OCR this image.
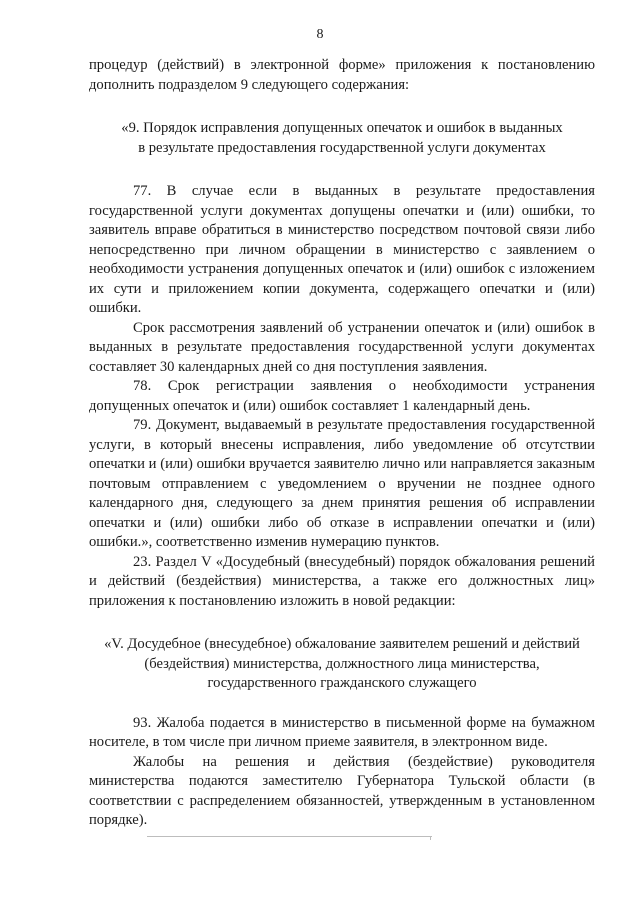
8

процедур (действий) в электронной форме» приложения к постановлению дополнить подразделом 9 следующего содержания:

«9. Порядок исправления допущенных опечаток и ошибок в выданных
в результате предоставления государственной услуги документах

77. В случае если в выданных в результате предоставления государственной услуги документах допущены опечатки и (или) ошибки, то заявитель вправе обратиться в министерство посредством почтовой связи либо непосредственно при личном обращении в министерство с заявлением о необходимости устранения допущенных опечаток и (или) ошибок с изложением их сути и приложением копии документа, содержащего опечатки и (или) ошибки.

Срок рассмотрения заявлений об устранении опечаток и (или) ошибок в выданных в результате предоставления государственной услуги документах составляет 30 календарных дней со дня поступления заявления.

78. Срок регистрации заявления о необходимости устранения допущенных опечаток и (или) ошибок составляет 1 календарный день.

79. Документ, выдаваемый в результате предоставления государственной услуги, в который внесены исправления, либо уведомление об отсутствии опечатки и (или) ошибки вручается заявителю лично или направляется заказным почтовым отправлением с уведомлением о вручении не позднее одного календарного дня, следующего за днем принятия решения об исправлении опечатки и (или) ошибки либо об отказе в исправлении опечатки и (или) ошибки.», соответственно изменив нумерацию пунктов.

23. Раздел V «Досудебный (внесудебный) порядок обжалования решений и действий (бездействия) министерства, а также его должностных лиц» приложения к постановлению изложить в новой редакции:

«V. Досудебное (внесудебное) обжалование заявителем решений и действий
(бездействия) министерства, должностного лица министерства,
государственного гражданского служащего

93. Жалоба подается в министерство в письменной форме на бумажном носителе, в том числе при личном приеме заявителя, в электронном виде.

Жалобы на решения и действия (бездействие) руководителя министерства подаются заместителю Губернатора Тульской области (в соответствии с распределением обязанностей, утвержденным в установленном порядке).
